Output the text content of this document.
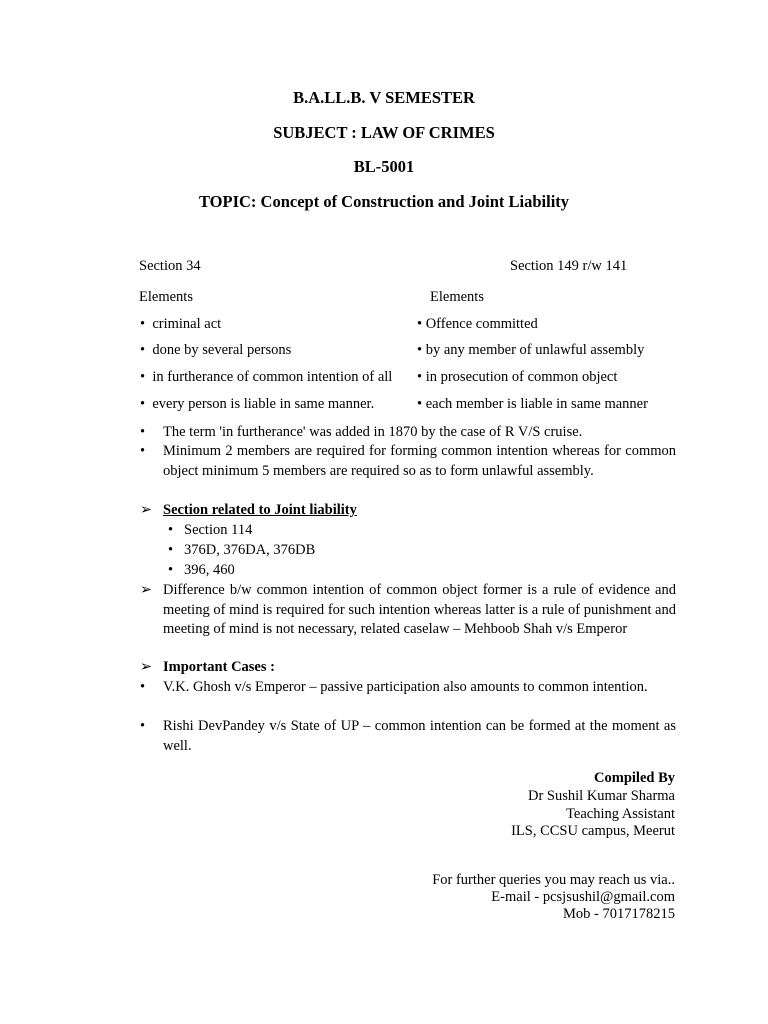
B.A.LL.B. V SEMESTER
SUBJECT : LAW OF CRIMES
BL-5001
TOPIC: Concept of Construction and Joint Liability
Section 34	Section 149 r/w 141
Elements	Elements
• criminal act
• done by several persons
• in furtherance of common intention of all
• every person is liable in same manner.
• Offence committed
• by any member of unlawful assembly
• in prosecution of common object
• each member is liable in same manner
• The term 'in furtherance' was added in 1870 by the case of R V/S cruise.
• Minimum 2 members are required for forming common intention whereas for common object minimum 5 members are required so as to form unlawful assembly.
➢ Section related to Joint liability
• Section 114
• 376D, 376DA, 376DB
• 396, 460
➢ Difference b/w common intention of common object former is a rule of evidence and meeting of mind is required for such intention whereas latter is a rule of punishment and meeting of mind is not necessary, related caselaw – Mehboob Shah v/s Emperor
➢ Important Cases :
• V.K. Ghosh v/s Emperor – passive participation also amounts to common intention.
• Rishi DevPandey v/s State of UP – common intention can be formed at the moment as well.
Compiled By
Dr Sushil Kumar Sharma
Teaching Assistant
ILS, CCSU campus, Meerut
For further queries you may reach us via..
E-mail - pcsjsushil@gmail.com
Mob - 7017178215
